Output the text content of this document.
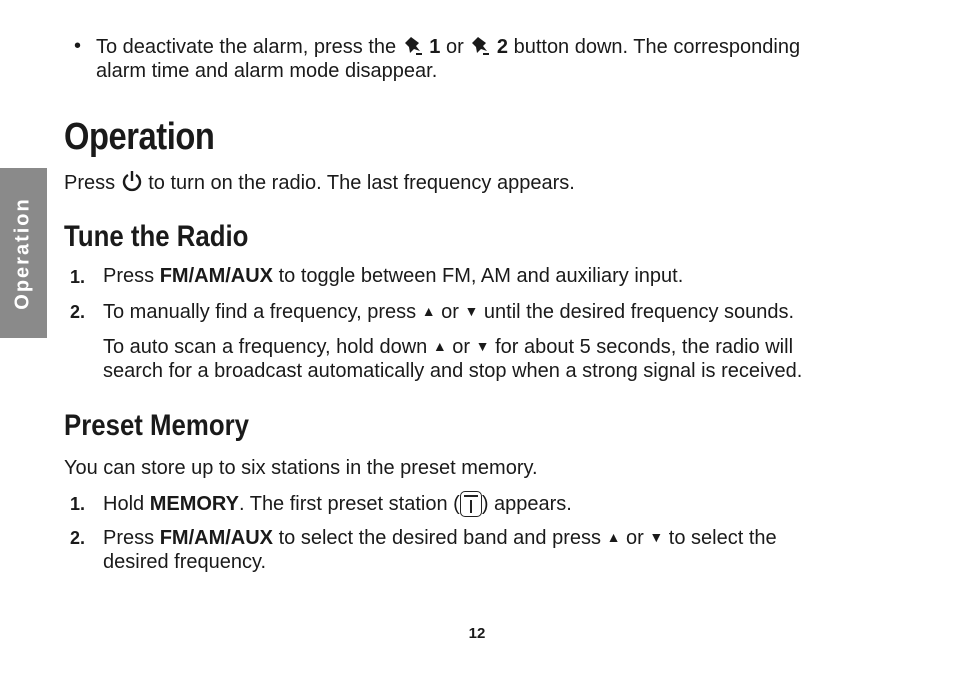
Operation
• To deactivate the alarm, press the 1 or 2 button down. The corresponding
alarm time and alarm mode disappear.
Operation
Press to turn on the radio. The last frequency appears.
Tune the Radio
1. Press FM/AM/AUX to toggle between FM, AM and auxiliary input.
2. To manually find a frequency, press ▲ or ▼ until the desired frequency sounds.
To auto scan a frequency, hold down ▲ or ▼ for about 5 seconds, the radio will
search for a broadcast automatically and stop when a strong signal is received.
Preset Memory
You can store up to six stations in the preset memory.
1. Hold MEMORY. The first preset station ( ) appears.
2. Press FM/AM/AUX to select the desired band and press ▲ or ▼ to select the
desired frequency.
12
